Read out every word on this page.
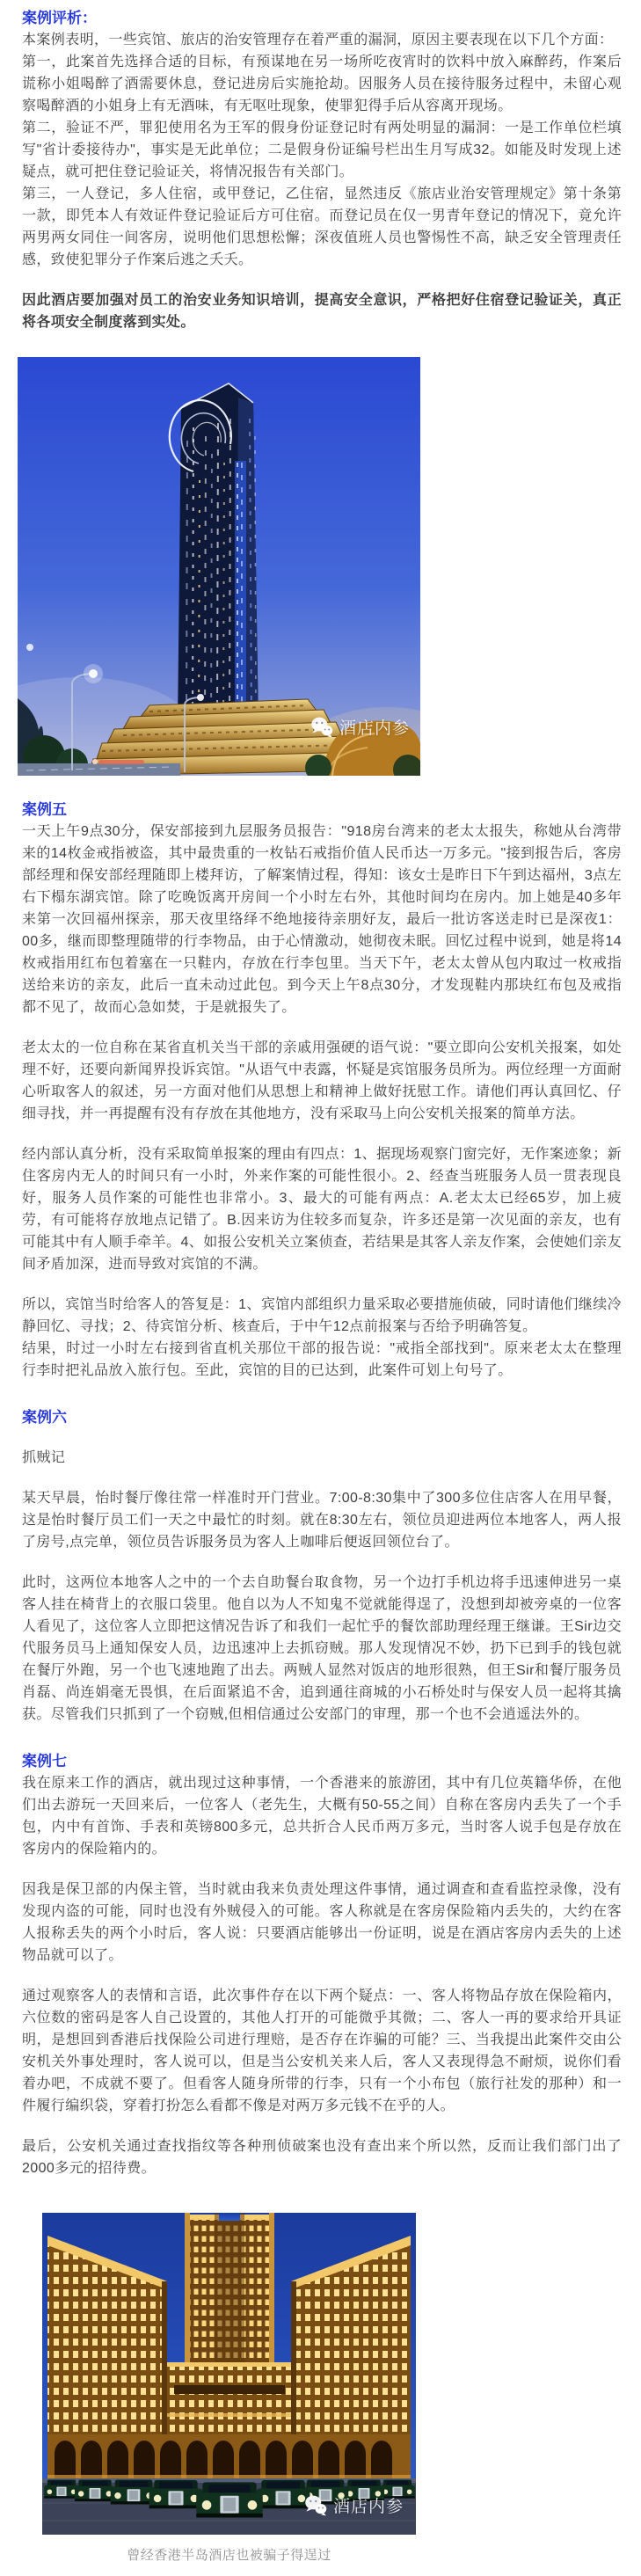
案例评析：

本案例表明，一些宾馆、旅店的治安管理存在着严重的漏洞，原因主要表现在以下几个方面：

第一，此案首先选择合适的目标，有预谋地在另一场所吃夜宵时的饮料中放入麻醉药，作案后谎称小姐喝醉了酒需要休息，登记进房后实施抢劫。因服务人员在接待服务过程中，未留心观察喝醉酒的小姐身上有无酒味，有无呕吐现象，使罪犯得手后从容离开现场。

第二，验证不严，罪犯使用名为王军的假身份证登记时有两处明显的漏洞：一是工作单位栏填写"省计委接待办"，事实是无此单位；二是假身份证编号栏出生月写成32。如能及时发现上述疑点，就可把住登记验证关，将情况报告有关部门。

第三，一人登记，多人住宿，或甲登记，乙住宿，显然违反《旅店业治安管理规定》第十条第一款，即凭本人有效证件登记验证后方可住宿。而登记员在仅一男青年登记的情况下，竟允许两男两女同住一间客房，说明他们思想松懈；深夜值班人员也警惕性不高，缺乏安全管理责任感，致使犯罪分子作案后逃之夭夭。

因此酒店要加强对员工的治安业务知识培训，提高安全意识，严格把好住宿登记验证关，真正将各项安全制度落到实处。

酒店内参
案例五

一天上午9点30分，保安部接到九层服务员报告："918房台湾来的老太太报失，称她从台湾带来的14枚金戒指被盗，其中最贵重的一枚钻石戒指价值人民币达一万多元。"接到报告后，客房部经理和保安部经理随即上楼拜访，了解案情过程，得知：该女士是昨日下午到达福州，3点左右下榻东湖宾馆。除了吃晚饭离开房间一个小时左右外，其他时间均在房内。加上她是40多年来第一次回福州探亲，那天夜里络绎不绝地接待亲朋好友，最后一批访客送走时已是深夜1：00多，继而即整理随带的行李物品，由于心情激动，她彻夜未眠。回忆过程中说到，她是将14枚戒指用红布包着塞在一只鞋内，存放在行李包里。当天下午，老太太曾从包内取过一枚戒指送给来访的亲友，此后一直未动过此包。到今天上午8点30分，才发现鞋内那块红布包及戒指都不见了，故而心急如焚，于是就报失了。

老太太的一位自称在某省直机关当干部的亲戚用强硬的语气说："要立即向公安机关报案，如处理不好，还要向新闻界投诉宾馆。"从语气中表露，怀疑是宾馆服务员所为。两位经理一方面耐心听取客人的叙述，另一方面对他们从思想上和精神上做好抚慰工作。请他们再认真回忆、仔细寻找，并一再提醒有没有存放在其他地方，没有采取马上向公安机关报案的简单方法。

经内部认真分析，没有采取简单报案的理由有四点：1、据现场观察门窗完好，无作案迹象；新住客房内无人的时间只有一小时，外来作案的可能性很小。2、经查当班服务人员一贯表现良好，服务人员作案的可能性也非常小。3、最大的可能有两点：A.老太太已经65岁，加上疲劳，有可能将存放地点记错了。B.因来访为住较多而复杂，许多还是第一次见面的亲友，也有可能其中有人顺手牵羊。4、如报公安机关立案侦查，若结果是其客人亲友作案，会使她们亲友间矛盾加深，进而导致对宾馆的不满。

所以，宾馆当时给客人的答复是：1、宾馆内部组织力量采取必要措施侦破，同时请他们继续冷静回忆、寻找；2、待宾馆分析、核查后，于中午12点前报案与否给予明确答复。

结果，时过一小时左右接到省直机关那位干部的报告说："戒指全部找到"。原来老太太在整理行李时把礼品放入旅行包。至此，宾馆的目的已达到，此案件可划上句号了。

案例六

抓贼记

某天早晨，怡时餐厅像往常一样准时开门营业。7:00-8:30集中了300多位住店客人在用早餐，这是怡时餐厅员工们一天之中最忙的时刻。就在8:30左右，领位员迎进两位本地客人，两人报了房号,点完单，领位员告诉服务员为客人上咖啡后便返回领位台了。

此时，这两位本地客人之中的一个去自助餐台取食物，另一个边打手机边将手迅速伸进另一桌客人挂在椅背上的衣服口袋里。他自以为人不知鬼不觉就能得逞了，没想到却被旁桌的一位客人看见了，这位客人立即把这情况告诉了和我们一起忙乎的餐饮部助理经理王继谦。王Sir边交代服务员马上通知保安人员，边迅速冲上去抓窃贼。那人发现情况不妙，扔下已到手的钱包就在餐厅外跑，另一个也飞速地跑了出去。两贼人显然对饭店的地形很熟，但王Sir和餐厅服务员肖磊、尚连娟毫无畏惧，在后面紧追不舍，追到通往商城的小石桥处时与保安人员一起将其擒获。尽管我们只抓到了一个窃贼,但相信通过公安部门的审理，那一个也不会逍遥法外的。

案例七

我在原来工作的酒店，就出现过这种事情，一个香港来的旅游团，其中有几位英籍华侨，在他们出去游玩一天回来后，一位客人（老先生，大概有50-55之间）自称在客房内丢失了一个手包，内中有首饰、手表和英镑800多元，总共折合人民币两万多元，当时客人说手包是存放在客房内的保险箱内的。

因我是保卫部的内保主管，当时就由我来负责处理这件事情，通过调查和查看监控录像，没有发现内盗的可能，同时也没有外贼侵入的可能。客人称就是在客房保险箱内丢失的，大约在客人报称丢失的两个小时后，客人说：只要酒店能够出一份证明，说是在酒店客房内丢失的上述物品就可以了。

通过观察客人的表情和言语，此次事件存在以下两个疑点：一、客人将物品存放在保险箱内，六位数的密码是客人自己设置的，其他人打开的可能微乎其微；二、客人一再的要求给开具证明，是想回到香港后找保险公司进行理赔，是否存在诈骗的可能？三、当我提出此案件交由公安机关外事处理时，客人说可以，但是当公安机关来人后，客人又表现得急不耐烦，说你们看着办吧，不成就不要了。但看客人随身所带的行李，只有一个小布包（旅行社发的那种）和一件履行编织袋，穿着打扮怎么看都不像是对两万多元钱不在乎的人。

最后，公安机关通过查找指纹等各种刑侦破案也没有查出来个所以然，反而让我们部门出了2000多元的招待费。

酒店内参
曾经香港半岛酒店也被骗子得逞过
